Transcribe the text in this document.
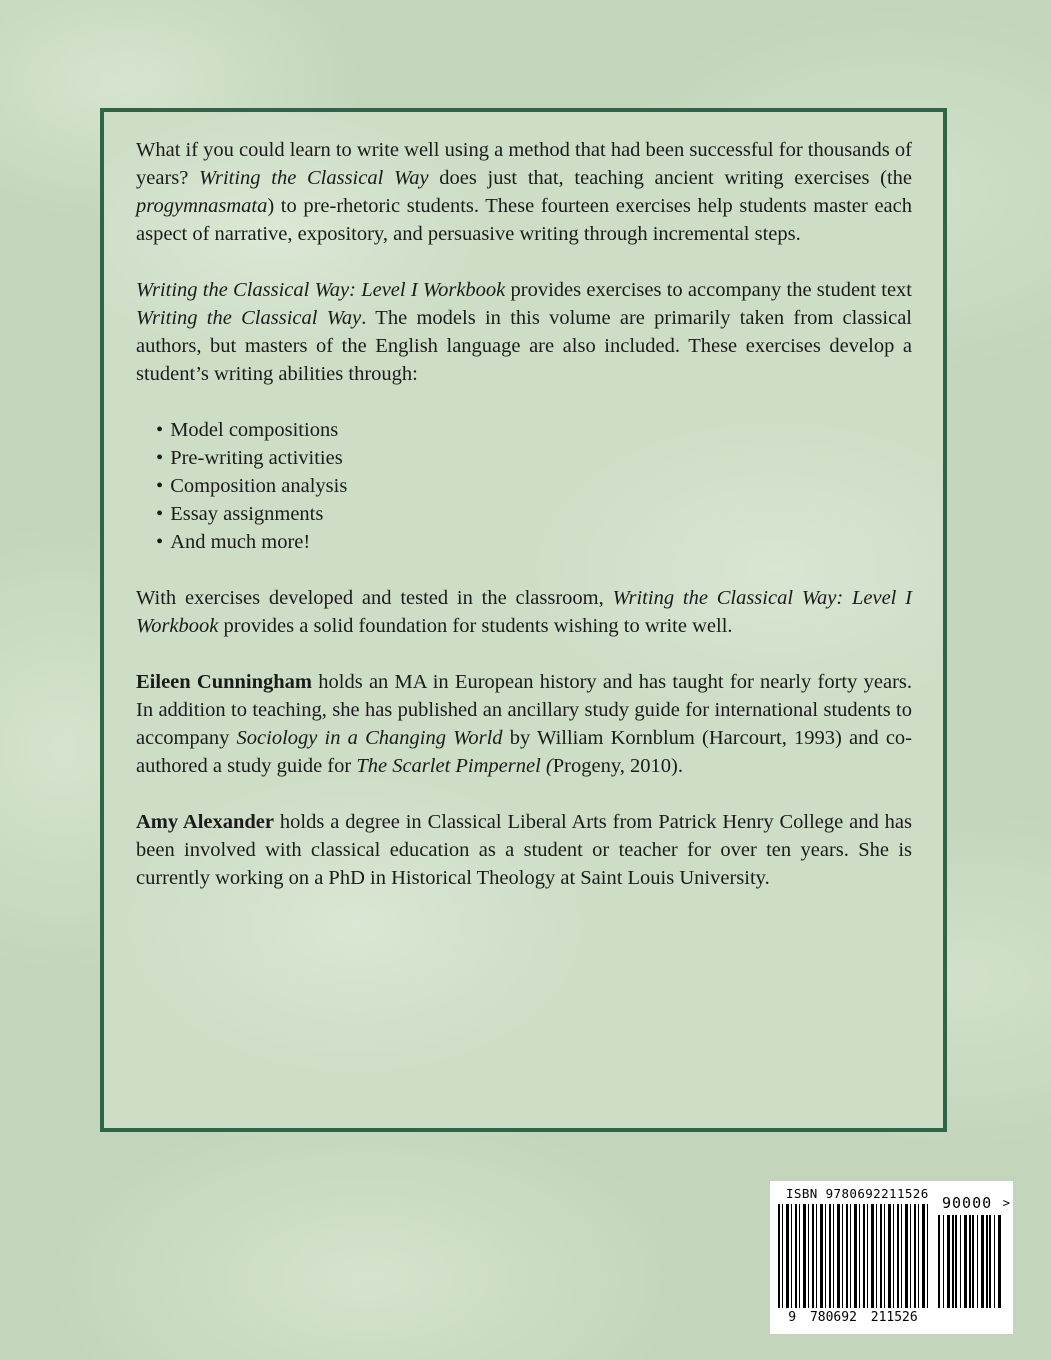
What if you could learn to write well using a method that had been successful for thousands of years? Writing the Classical Way does just that, teaching ancient writing exercises (the progymnasmata) to pre-rhetoric students. These fourteen exercises help students master each aspect of narrative, expository, and persuasive writing through incremental steps.

Writing the Classical Way: Level I Workbook provides exercises to accompany the student text Writing the Classical Way. The models in this volume are primarily taken from classical authors, but masters of the English language are also included. These exercises develop a student’s writing abilities through:

• Model compositions
• Pre-writing activities
• Composition analysis
• Essay assignments
• And much more!

With exercises developed and tested in the classroom, Writing the Classical Way: Level I Workbook provides a solid foundation for students wishing to write well.

Eileen Cunningham holds an MA in European history and has taught for nearly forty years. In addition to teaching, she has published an ancillary study guide for international students to accompany Sociology in a Changing World by William Kornblum (Harcourt, 1993) and co-authored a study guide for The Scarlet Pimpernel (Progeny, 2010).

Amy Alexander holds a degree in Classical Liberal Arts from Patrick Henry College and has been involved with classical education as a student or teacher for over ten years. She is currently working on a PhD in Historical Theology at Saint Louis University.

ISBN 9780692211526
90000 >
9 780692 211526
